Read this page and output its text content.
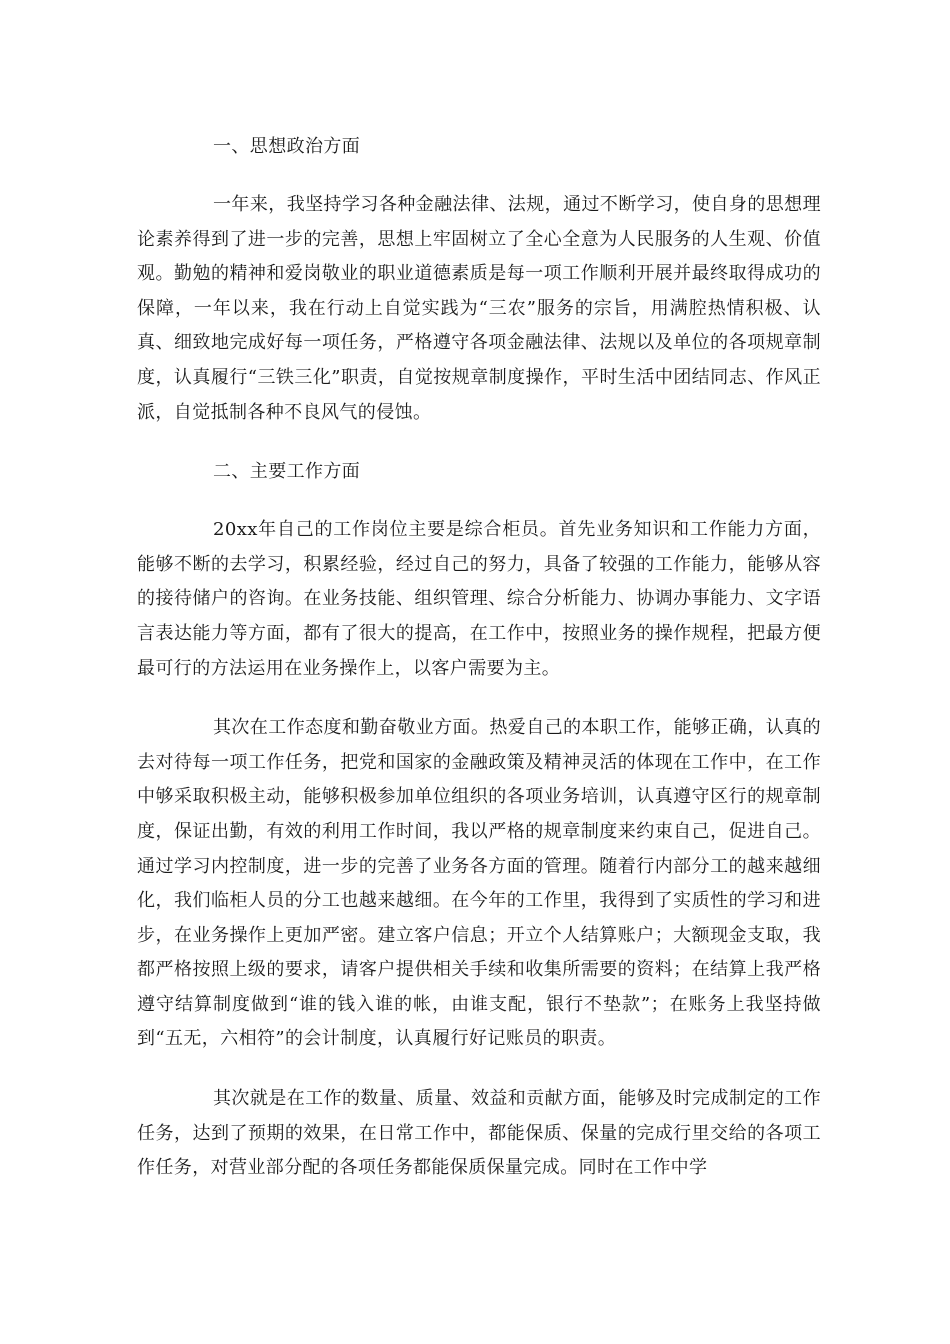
一、思想政治方面

一年来，我坚持学习各种金融法律、法规，通过不断学习，使自身的思想理论素养得到了进一步的完善，思想上牢固树立了全心全意为人民服务的人生观、价值观。勤勉的精神和爱岗敬业的职业道德素质是每一项工作顺利开展并最终取得成功的保障，一年以来，我在行动上自觉实践为“三农”服务的宗旨，用满腔热情积极、认真、细致地完成好每一项任务，严格遵守各项金融法律、法规以及单位的各项规章制度，认真履行“三铁三化”职责，自觉按规章制度操作，平时生活中团结同志、作风正派，自觉抵制各种不良风气的侵蚀。

二、主要工作方面

20xx年自己的工作岗位主要是综合柜员。首先业务知识和工作能力方面，能够不断的去学习，积累经验，经过自己的努力，具备了较强的工作能力，能够从容的接待储户的咨询。在业务技能、组织管理、综合分析能力、协调办事能力、文字语言表达能力等方面，都有了很大的提高，在工作中，按照业务的操作规程，把最方便最可行的方法运用在业务操作上，以客户需要为主。

其次在工作态度和勤奋敬业方面。热爱自己的本职工作，能够正确，认真的去对待每一项工作任务，把党和国家的金融政策及精神灵活的体现在工作中，在工作中够采取积极主动，能够积极参加单位组织的各项业务培训，认真遵守区行的规章制度，保证出勤，有效的利用工作时间，我以严格的规章制度来约束自己，促进自己。通过学习内控制度，进一步的完善了业务各方面的管理。随着行内部分工的越来越细化，我们临柜人员的分工也越来越细。在今年的工作里，我得到了实质性的学习和进步，在业务操作上更加严密。建立客户信息；开立个人结算账户；大额现金支取，我都严格按照上级的要求，请客户提供相关手续和收集所需要的资料；在结算上我严格遵守结算制度做到“谁的钱入谁的帐，由谁支配，银行不垫款”；在账务上我坚持做到“五无，六相符”的会计制度，认真履行好记账员的职责。

其次就是在工作的数量、质量、效益和贡献方面，能够及时完成制定的工作任务，达到了预期的效果，在日常工作中，都能保质、保量的完成行里交给的各项工作任务，对营业部分配的各项任务都能保质保量完成。同时在工作中学
